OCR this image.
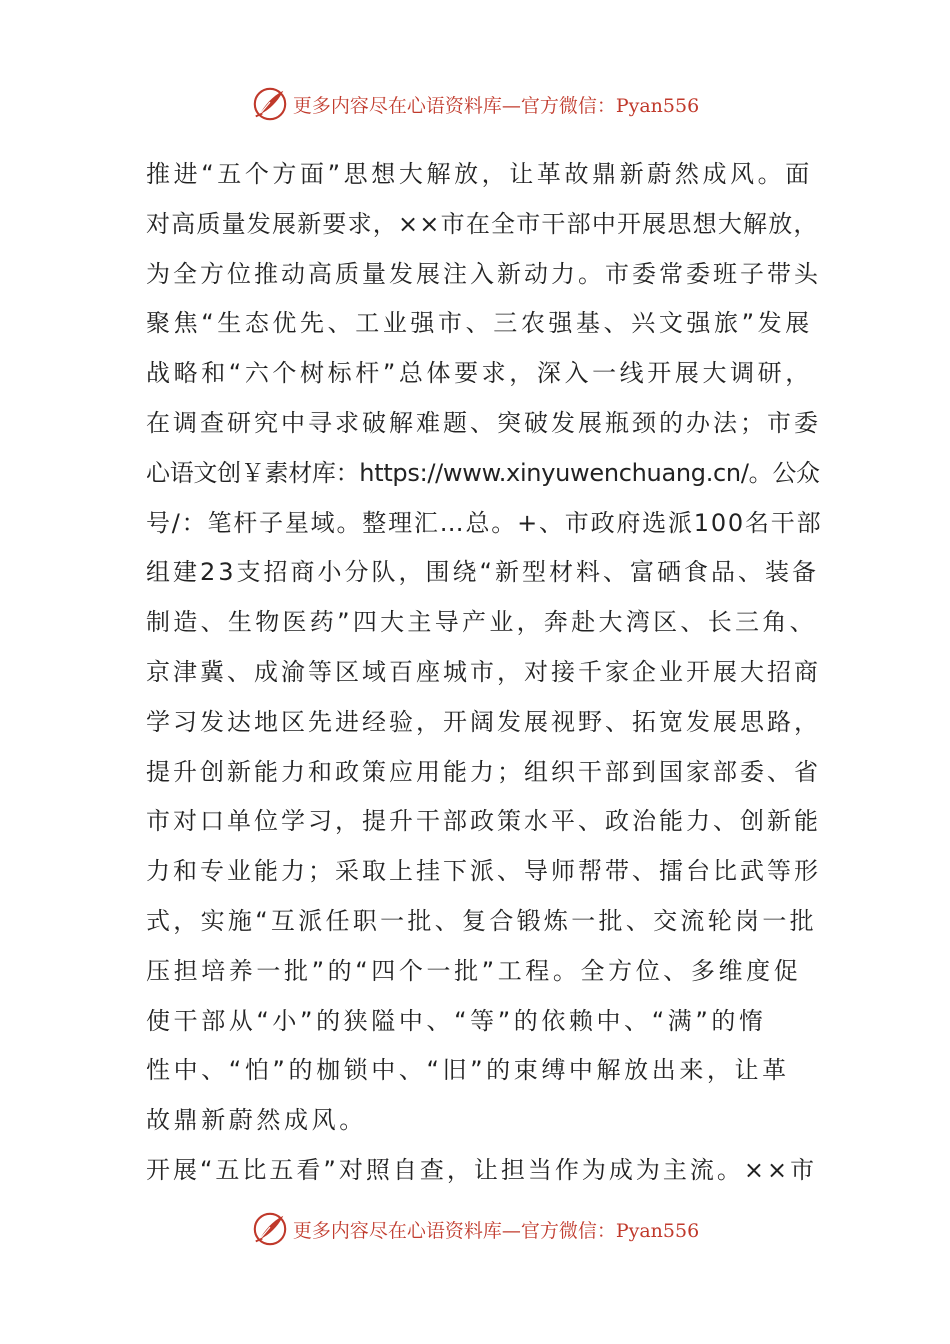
更多内容尽在心语资料库—官方微信：Pyan556
推进“五个方面”思想大解放，让革故鼎新蔚然成风。面
对高质量发展新要求，××市在全市干部中开展思想大解放，
为全方位推动高质量发展注入新动力。市委常委班子带头
聚焦“生态优先、工业强市、三农强基、兴文强旅”发展
战略和“六个树标杆”总体要求，深入一线开展大调研，
在调查研究中寻求破解难题、突破发展瓶颈的办法；市委
心语文创￥素材库：https://www.xinyuwenchuang.cn/。公众
号/：笔杆子星域。整理汇…总。+、市政府选派100名干部
组建23支招商小分队，围绕“新型材料、富硒食品、装备
制造、生物医药”四大主导产业，奔赴大湾区、长三角、
京津冀、成渝等区域百座城市，对接千家企业开展大招商
学习发达地区先进经验，开阔发展视野、拓宽发展思路，
提升创新能力和政策应用能力；组织干部到国家部委、省
市对口单位学习，提升干部政策水平、政治能力、创新能
力和专业能力；采取上挂下派、导师帮带、擂台比武等形
式，实施“互派任职一批、复合锻炼一批、交流轮岗一批
压担培养一批”的“四个一批”工程。全方位、多维度促
使干部从“小”的狭隘中、“等”的依赖中、“满”的惰
性中、“怕”的枷锁中、“旧”的束缚中解放出来，让革
故鼎新蔚然成风。
开展“五比五看”对照自查，让担当作为成为主流。××市
更多内容尽在心语资料库—官方微信：Pyan556
